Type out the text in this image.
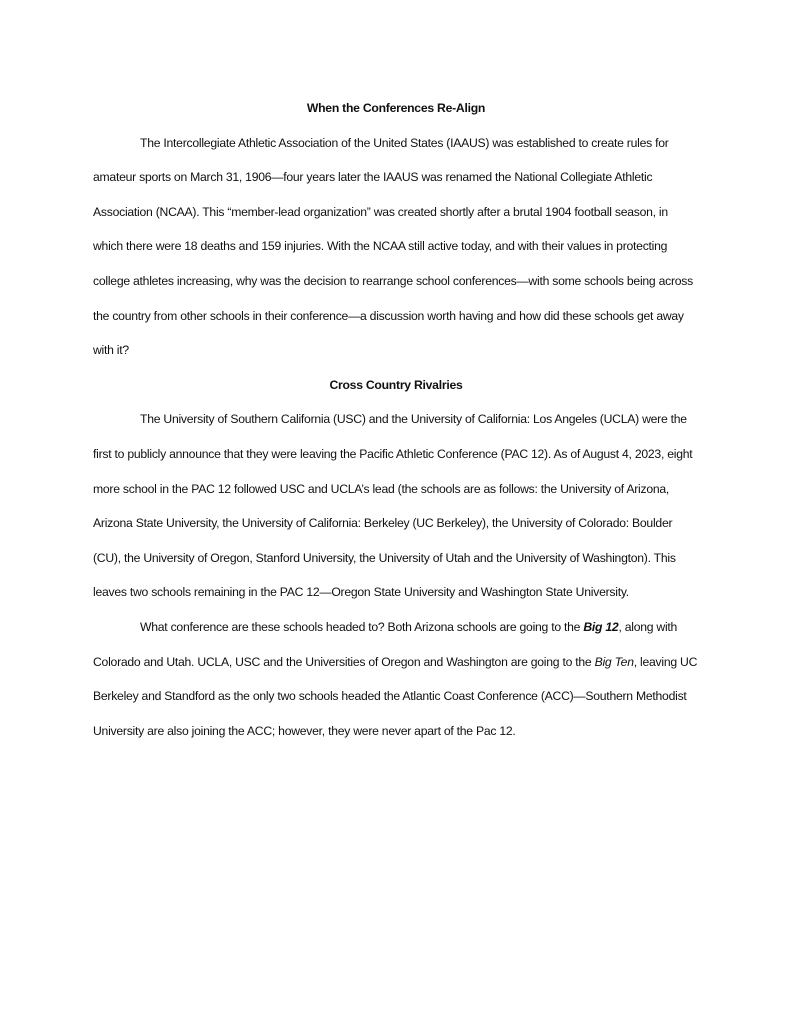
When the Conferences Re-Align

The Intercollegiate Athletic Association of the United States (IAAUS) was established to create rules for amateur sports on March 31, 1906—four years later the IAAUS was renamed the National Collegiate Athletic Association (NCAA). This “member-lead organization” was created shortly after a brutal 1904 football season, in which there were 18 deaths and 159 injuries. With the NCAA still active today, and with their values in protecting college athletes increasing, why was the decision to rearrange school conferences—with some schools being across the country from other schools in their conference—a discussion worth having and how did these schools get away with it?

Cross Country Rivalries

The University of Southern California (USC) and the University of California: Los Angeles (UCLA) were the first to publicly announce that they were leaving the Pacific Athletic Conference (PAC 12). As of August 4, 2023, eight more school in the PAC 12 followed USC and UCLA’s lead (the schools are as follows: the University of Arizona, Arizona State University, the University of California: Berkeley (UC Berkeley), the University of Colorado: Boulder (CU), the University of Oregon, Stanford University, the University of Utah and the University of Washington). This leaves two schools remaining in the PAC 12—Oregon State University and Washington State University.

What conference are these schools headed to? Both Arizona schools are going to the Big 12, along with Colorado and Utah. UCLA, USC and the Universities of Oregon and Washington are going to the Big Ten, leaving UC Berkeley and Standford as the only two schools headed the Atlantic Coast Conference (ACC)—Southern Methodist University are also joining the ACC; however, they were never apart of the Pac 12.
